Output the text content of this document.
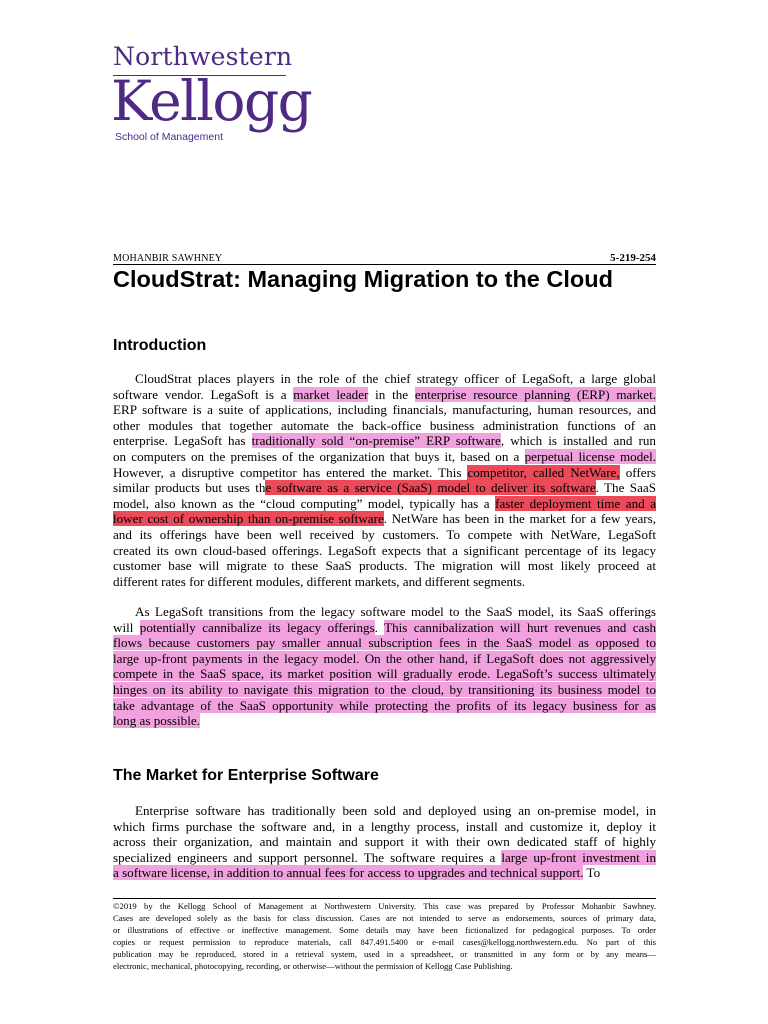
Northwestern
Kellogg
School of Management
MOHANBIR SAWHNEY	5-219-254
CloudStrat: Managing Migration to the Cloud
Introduction
CloudStrat places players in the role of the chief strategy officer of LegaSoft, a large global
software vendor. LegaSoft is a market leader in the enterprise resource planning (ERP) market.
ERP software is a suite of applications, including financials, manufacturing, human resources, and
other modules that together automate the back-office business administration functions of an
enterprise. LegaSoft has traditionally sold “on-premise” ERP software, which is installed and run
on computers on the premises of the organization that buys it, based on a perpetual license model.
However, a disruptive competitor has entered the market. This competitor, called NetWare, offers
similar products but uses the software as a service (SaaS) model to deliver its software. The SaaS
model, also known as the “cloud computing” model, typically has a faster deployment time and a
lower cost of ownership than on-premise software. NetWare has been in the market for a few years,
and its offerings have been well received by customers. To compete with NetWare, LegaSoft
created its own cloud-based offerings. LegaSoft expects that a significant percentage of its legacy
customer base will migrate to these SaaS products. The migration will most likely proceed at
different rates for different modules, different markets, and different segments.
As LegaSoft transitions from the legacy software model to the SaaS model, its SaaS offerings
will potentially cannibalize its legacy offerings. This cannibalization will hurt revenues and cash
flows because customers pay smaller annual subscription fees in the SaaS model as opposed to
large up-front payments in the legacy model. On the other hand, if LegaSoft does not aggressively
compete in the SaaS space, its market position will gradually erode. LegaSoft’s success ultimately
hinges on its ability to navigate this migration to the cloud, by transitioning its business model to
take advantage of the SaaS opportunity while protecting the profits of its legacy business for as
long as possible.
The Market for Enterprise Software
Enterprise software has traditionally been sold and deployed using an on-premise model, in
which firms purchase the software and, in a lengthy process, install and customize it, deploy it
across their organization, and maintain and support it with their own dedicated staff of highly
specialized engineers and support personnel. The software requires a large up-front investment in
a software license, in addition to annual fees for access to upgrades and technical support. To
©2019 by the Kellogg School of Management at Northwestern University. This case was prepared by Professor Mohanbir Sawhney.
Cases are developed solely as the basis for class discussion. Cases are not intended to serve as endorsements, sources of primary data,
or illustrations of effective or ineffective management. Some details may have been fictionalized for pedagogical purposes. To order
copies or request permission to reproduce materials, call 847.491.5400 or e-mail cases@kellogg.northwestern.edu. No part of this
publication may be reproduced, stored in a retrieval system, used in a spreadsheet, or transmitted in any form or by any means—
electronic, mechanical, photocopying, recording, or otherwise—without the permission of Kellogg Case Publishing.
